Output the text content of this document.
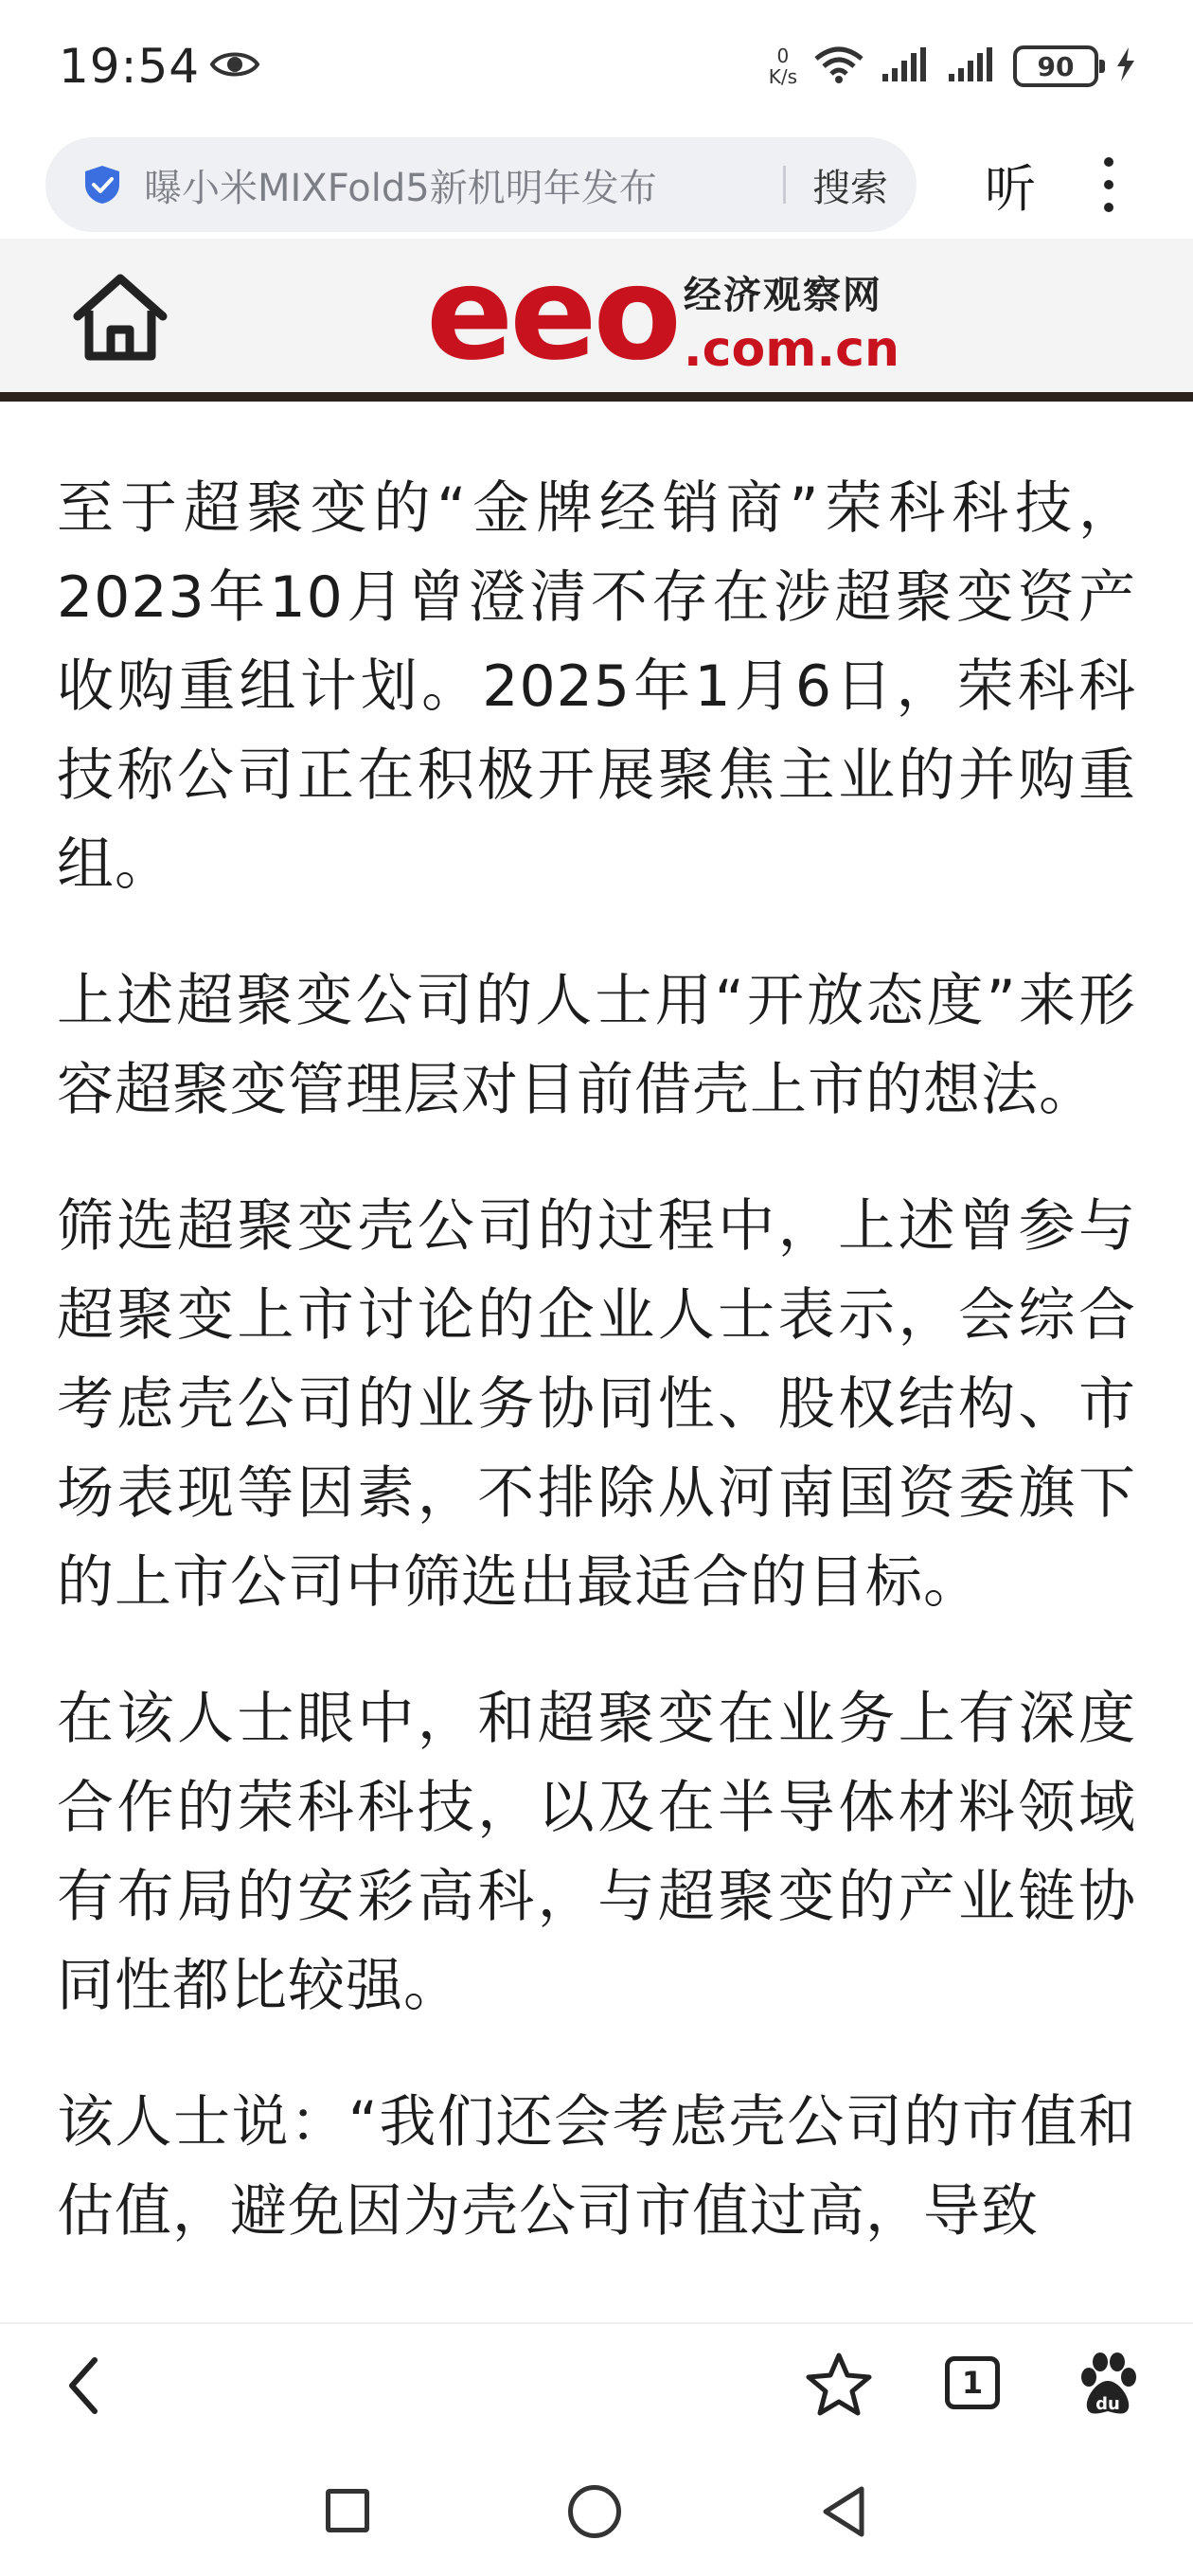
19:54	0
K/s	90
曝小米MIXFold5新机明年发布	搜索 听
eeo 经济观察网
.com.cn

至于超聚变的“金牌经销商”荣科科技，2023年10月曾澄清不存在涉超聚变资产收购重组计划。2025年1月6日，荣科科技称公司正在积极开展聚焦主业的并购重组。

上述超聚变公司的人士用“开放态度”来形容超聚变管理层对目前借壳上市的想法。

筛选超聚变壳公司的过程中，上述曾参与超聚变上市讨论的企业人士表示，会综合考虑壳公司的业务协同性、股权结构、市场表现等因素，不排除从河南国资委旗下的上市公司中筛选出最适合的目标。

在该人士眼中，和超聚变在业务上有深度合作的荣科科技，以及在半导体材料领域有布局的安彩高科，与超聚变的产业链协同性都比较强。

该人士说：“我们还会考虑壳公司的市值和估值，避免因为壳公司市值过高，导致

1
du
